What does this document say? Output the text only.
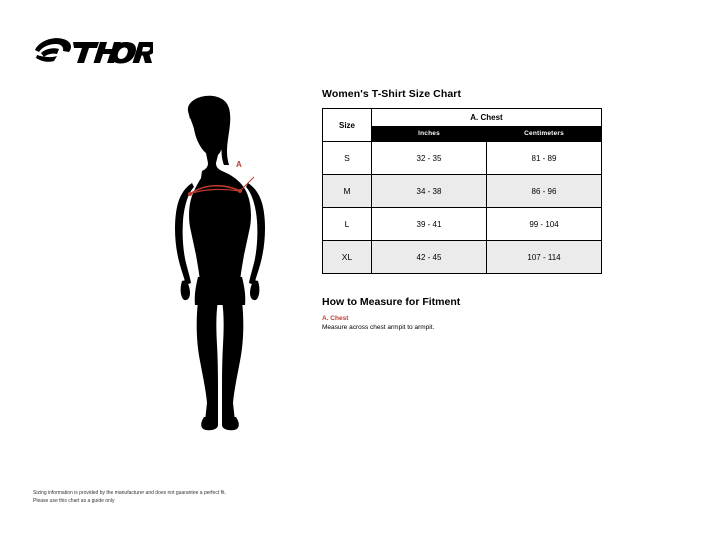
A
Women's T-Shirt Size Chart
Size	A. Chest	
	Inches	Centimeters
S	32 - 35	81 - 89
M	34 - 38	86 - 96
L	39 - 41	99 - 104
XL	42 - 45	107 - 114
How to Measure for Fitment
A. Chest
Measure across chest armpit to armpit.
Sizing information is provided by the manufacturer and does not guarantee a perfect fit.
Please use this chart as a guide only
